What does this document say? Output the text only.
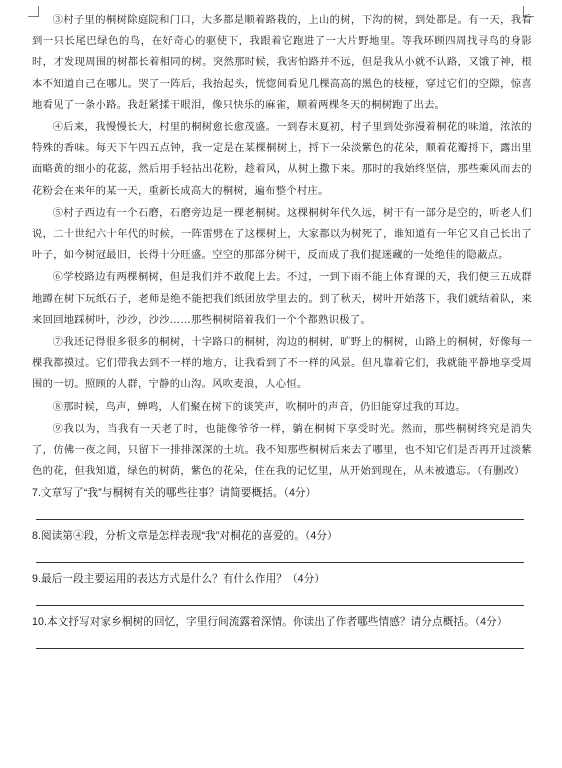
③村子里的桐树除庭院和门口，大多都是顺着路栽的，上山的树，下沟的树，到处都是。有一天，我看到一只长尾巴绿色的鸟，在好奇心的驱使下，我跟着它跑进了一大片野地里。等我环顾四周找寻鸟的身影时，才发现周围的树都长着相同的树。突然那时候，我害怕路并不远，但是我从小就不认路，又饿了神，根本不知道自己在哪儿。哭了一阵后，我抬起头，恍惚间看见几棵高高的黑色的枝桠，穿过它们的空隙，惊喜地看见了一条小路。我赶紧揉干眼泪，像只快乐的麻雀，顺着两棵冬天的桐树跑了出去。

④后来，我慢慢长大，村里的桐树愈长愈茂盛。一到春末夏初，村子里到处弥漫着桐花的味道，浓浓的特殊的香味。每天下午四五点钟，我一定是在某棵桐树上，捋下一朵淡紫色的花朵，顺着花瓣捋下，露出里面略黄的细小的花蕊，然后用手轻拈出花粉，趁着风，从树上撒下来。那时的我始终坚信，那些乘风而去的花粉会在来年的某一天，重新长成高大的桐树，遍布整个村庄。

⑤村子西边有一个石磨，石磨旁边是一棵老桐树。这棵桐树年代久远，树干有一部分是空的，听老人们说，二十世纪六十年代的时候，一阵雷劈在了这棵树上，大家都以为树死了，谁知道有一年它又自己长出了叶子，如今树冠最旧，长得十分旺盛。空空的那部分树干，反而成了我们捉迷藏的一处绝佳的隐蔽点。

⑥学校路边有两棵桐树，但是我们并不敢爬上去。不过，一到下雨不能上体育课的天，我们便三五成群地蹲在树下玩纸石子，老师是绝不能把我们纸团放学里去的。到了秋天，树叶开始落下，我们就结着队，来来回回地踩树叶，沙沙，沙沙……那些桐树陪着我们一个个都熟识极了。

⑦我还记得很多很多的桐树，十字路口的桐树，沟边的桐树，旷野上的桐树，山路上的桐树，好像每一棵我都摸过。它们带我去到不一样的地方，让我看到了不一样的风景。但凡靠着它们，我就能平静地享受周围的一切。照顾的人群，宁静的山沟。风吹麦浪，人心恒。

⑧那时候，鸟声，蝉鸣，人们聚在树下的谈笑声，吹桐叶的声音，仍旧能穿过我的耳边。

⑨我以为，当我有一天老了时，也能像爷爷一样，躺在桐树下享受时光。然而，那些桐树终究是消失了，仿佛一夜之间，只留下一排排深深的土坑。我不知那些桐树后来去了哪里，也不知它们是否再开过淡紫色的花，但我知道，绿色的树荫，紫色的花朵，住在我的记忆里，从开始到现在，从未被遗忘。（有删改）

7.文章写了“我”与桐树有关的哪些往事？请简要概括。（4分）

8.阅读第④段，分析文章是怎样表现“我”对桐花的喜爱的。（4分）

9.最后一段主要运用的表达方式是什么？有什么作用？（4分）

10.本文抒写对家乡桐树的回忆，字里行间流露着深情。你读出了作者哪些情感？请分点概括。（4分）
